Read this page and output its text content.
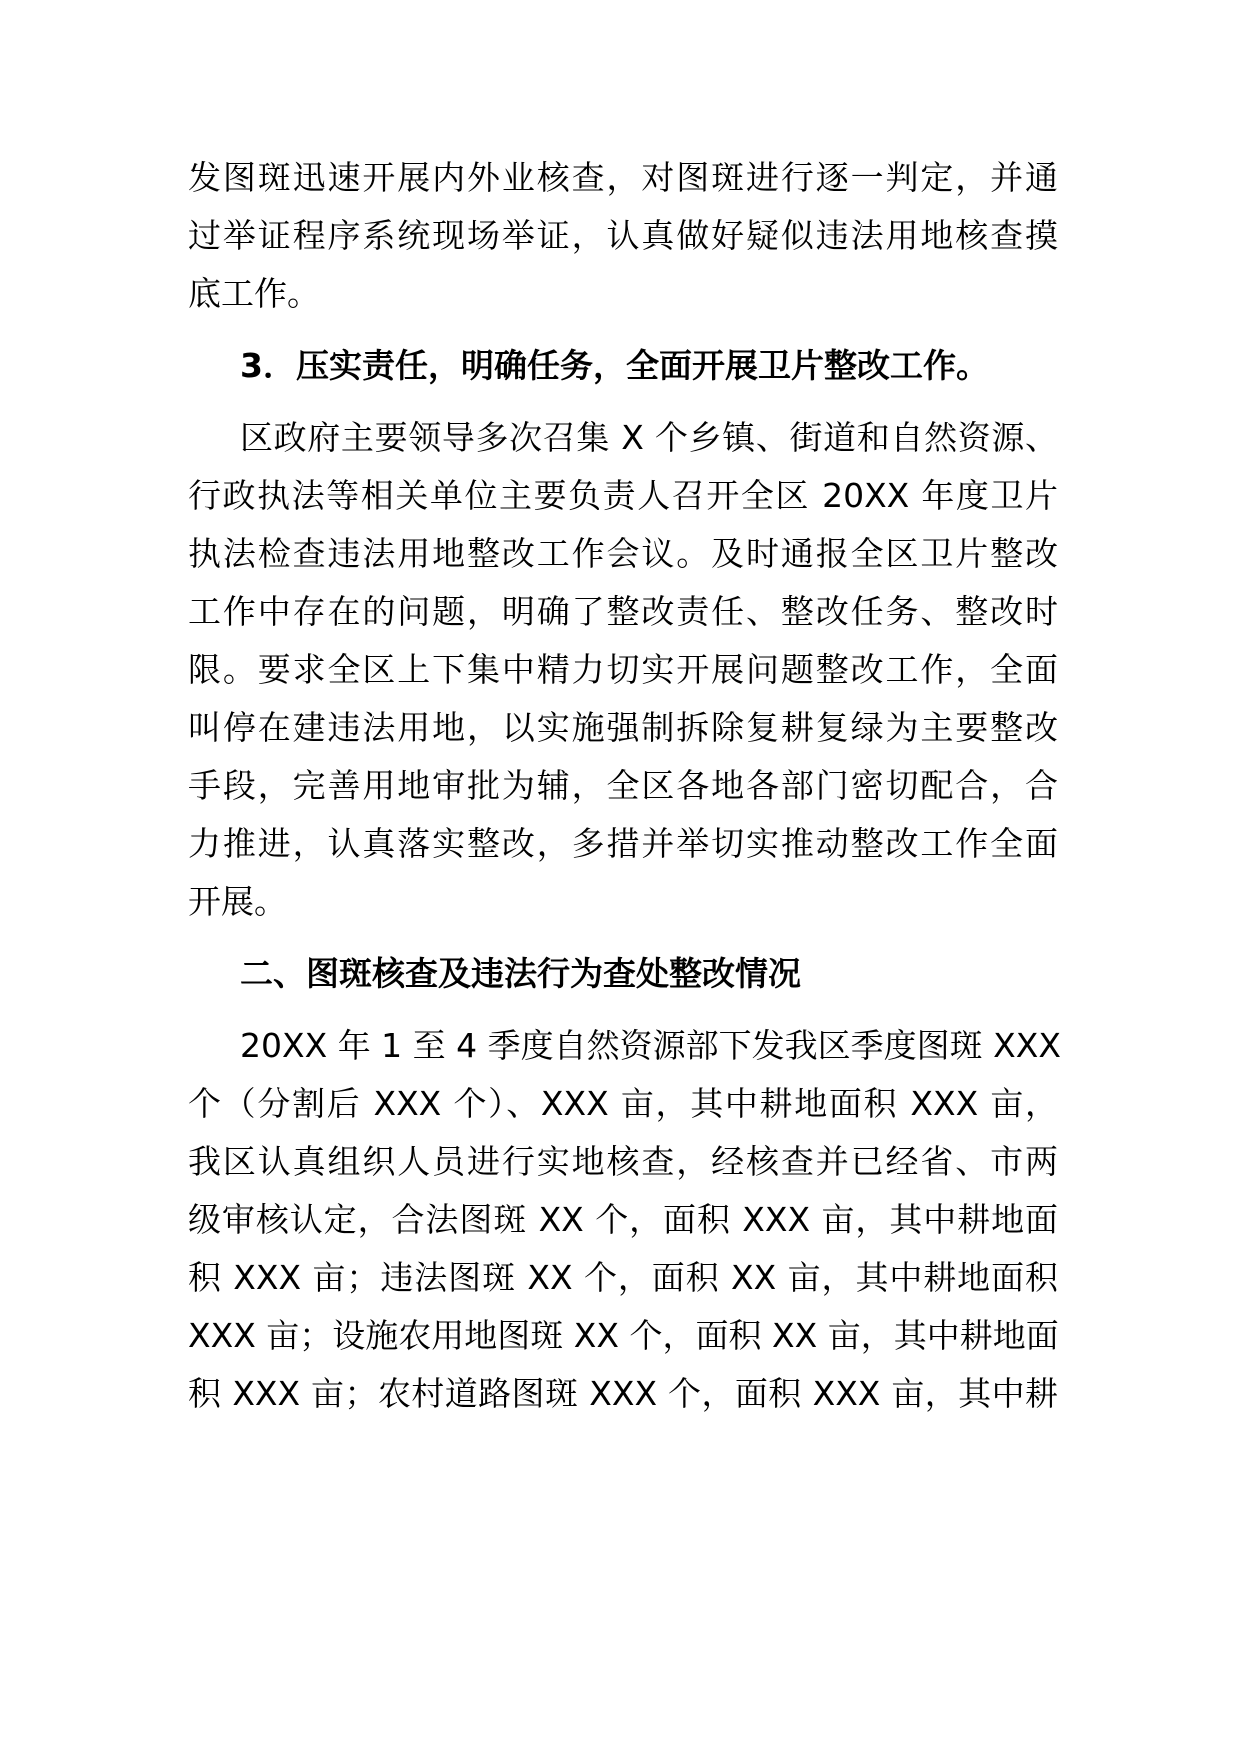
发图斑迅速开展内外业核查，对图斑进行逐一判定，并通
过举证程序系统现场举证，认真做好疑似违法用地核查摸
底工作。
3．压实责任，明确任务，全面开展卫片整改工作。
区政府主要领导多次召集 X 个乡镇、街道和自然资源、
行政执法等相关单位主要负责人召开全区 20XX 年度卫片
执法检查违法用地整改工作会议。及时通报全区卫片整改
工作中存在的问题，明确了整改责任、整改任务、整改时
限。要求全区上下集中精力切实开展问题整改工作，全面
叫停在建违法用地，以实施强制拆除复耕复绿为主要整改
手段，完善用地审批为辅，全区各地各部门密切配合，合
力推进，认真落实整改，多措并举切实推动整改工作全面
开展。
二、图斑核查及违法行为查处整改情况
20XX 年 1 至 4 季度自然资源部下发我区季度图斑 XXX
个（分割后 XXX 个）、XXX 亩，其中耕地面积 XXX 亩，
我区认真组织人员进行实地核查，经核查并已经省、市两
级审核认定，合法图斑 XX 个，面积 XXX 亩，其中耕地面
积 XXX 亩；违法图斑 XX 个，面积 XX 亩，其中耕地面积
XXX 亩；设施农用地图斑 XX 个，面积 XX 亩，其中耕地面
积 XXX 亩；农村道路图斑 XXX 个，面积 XXX 亩，其中耕
